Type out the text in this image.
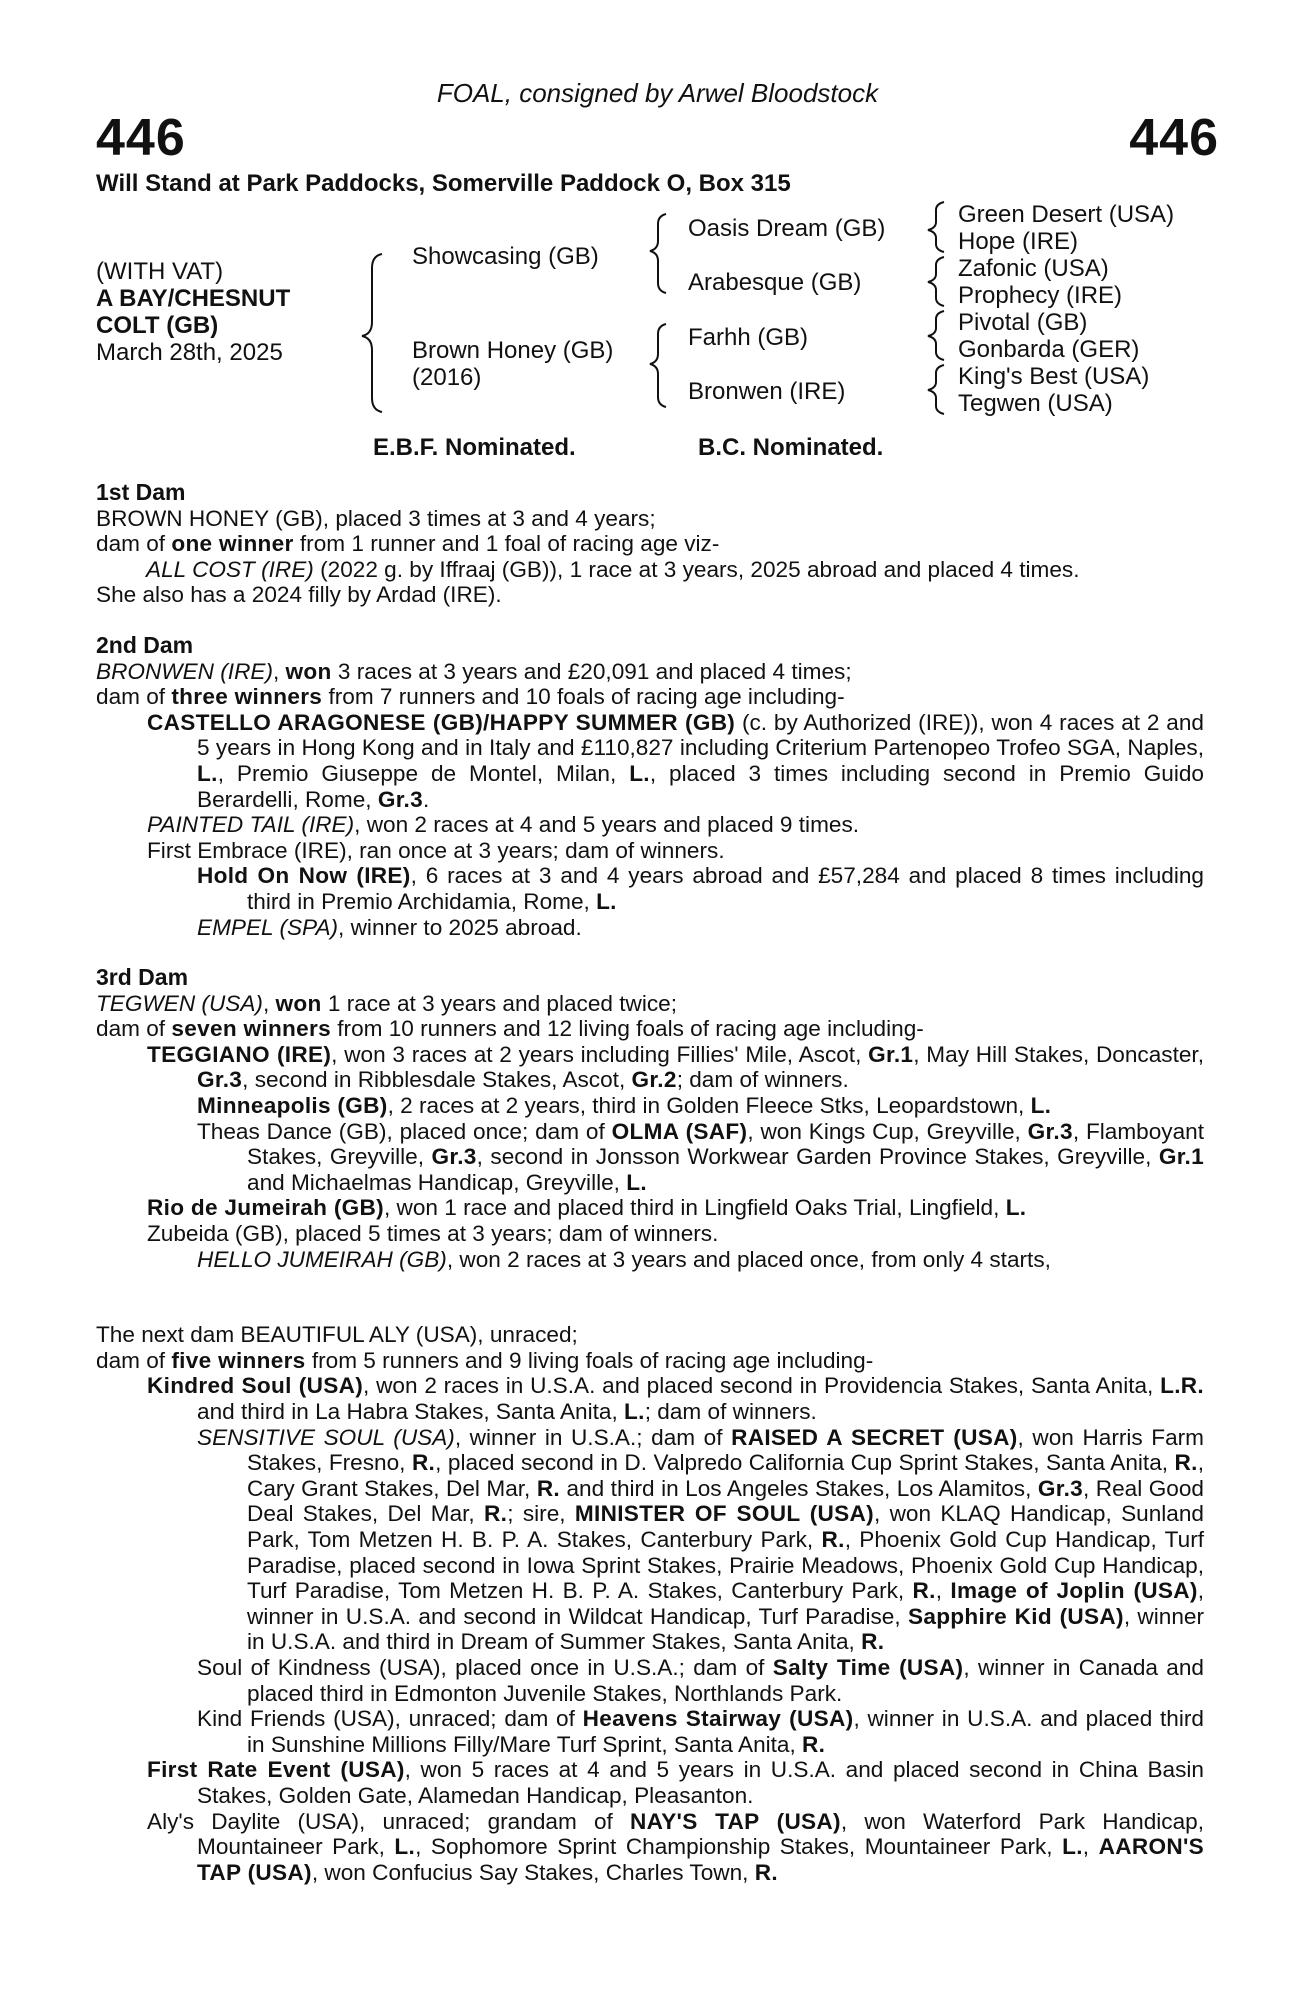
FOAL, consigned by Arwel Bloodstock
446	446
Will Stand at Park Paddocks, Somerville Paddock O, Box 315
(WITH VAT)
A BAY/CHESNUT
COLT (GB)
March 28th, 2025
Showcasing (GB)
Brown Honey (GB)
(2016)
Oasis Dream (GB)
Arabesque (GB)
Farhh (GB)
Bronwen (IRE)
Green Desert (USA)
Hope (IRE)
Zafonic (USA)
Prophecy (IRE)
Pivotal (GB)
Gonbarda (GER)
King's Best (USA)
Tegwen (USA)
E.B.F. Nominated.	B.C. Nominated.

1st Dam

BROWN HONEY (GB), placed 3 times at 3 and 4 years;

dam of one winner from 1 runner and 1 foal of racing age viz-

ALL COST (IRE) (2022 g. by Iffraaj (GB)), 1 race at 3 years, 2025 abroad and placed 4 times.

She also has a 2024 filly by Ardad (IRE).

2nd Dam

BRONWEN (IRE), won 3 races at 3 years and £20,091 and placed 4 times;

dam of three winners from 7 runners and 10 foals of racing age including-

CASTELLO ARAGONESE (GB)/HAPPY SUMMER (GB) (c. by Authorized (IRE)), won 4 races at 2 and 5 years in Hong Kong and in Italy and £110,827 including Criterium Partenopeo Trofeo SGA, Naples, L., Premio Giuseppe de Montel, Milan, L., placed 3 times including second in Premio Guido Berardelli, Rome, Gr.3.

PAINTED TAIL (IRE), won 2 races at 4 and 5 years and placed 9 times.

First Embrace (IRE), ran once at 3 years; dam of winners.

Hold On Now (IRE), 6 races at 3 and 4 years abroad and £57,284 and placed 8 times including third in Premio Archidamia, Rome, L.

EMPEL (SPA), winner to 2025 abroad.

3rd Dam

TEGWEN (USA), won 1 race at 3 years and placed twice;

dam of seven winners from 10 runners and 12 living foals of racing age including-

TEGGIANO (IRE), won 3 races at 2 years including Fillies' Mile, Ascot, Gr.1, May Hill Stakes, Doncaster, Gr.3, second in Ribblesdale Stakes, Ascot, Gr.2; dam of winners.

Minneapolis (GB), 2 races at 2 years, third in Golden Fleece Stks, Leopardstown, L.

Theas Dance (GB), placed once; dam of OLMA (SAF), won Kings Cup, Greyville, Gr.3, Flamboyant Stakes, Greyville, Gr.3, second in Jonsson Workwear Garden Province Stakes, Greyville, Gr.1 and Michaelmas Handicap, Greyville, L.

Rio de Jumeirah (GB), won 1 race and placed third in Lingfield Oaks Trial, Lingfield, L.

Zubeida (GB), placed 5 times at 3 years; dam of winners.

HELLO JUMEIRAH (GB), won 2 races at 3 years and placed once, from only 4 starts,

The next dam BEAUTIFUL ALY (USA), unraced;

dam of five winners from 5 runners and 9 living foals of racing age including-

Kindred Soul (USA), won 2 races in U.S.A. and placed second in Providencia Stakes, Santa Anita, L.R. and third in La Habra Stakes, Santa Anita, L.; dam of winners.

SENSITIVE SOUL (USA), winner in U.S.A.; dam of RAISED A SECRET (USA), won Harris Farm Stakes, Fresno, R., placed second in D. Valpredo California Cup Sprint Stakes, Santa Anita, R., Cary Grant Stakes, Del Mar, R. and third in Los Angeles Stakes, Los Alamitos, Gr.3, Real Good Deal Stakes, Del Mar, R.; sire, MINISTER OF SOUL (USA), won KLAQ Handicap, Sunland Park, Tom Metzen H. B. P. A. Stakes, Canterbury Park, R., Phoenix Gold Cup Handicap, Turf Paradise, placed second in Iowa Sprint Stakes, Prairie Meadows, Phoenix Gold Cup Handicap, Turf Paradise, Tom Metzen H. B. P. A. Stakes, Canterbury Park, R., Image of Joplin (USA), winner in U.S.A. and second in Wildcat Handicap, Turf Paradise, Sapphire Kid (USA), winner in U.S.A. and third in Dream of Summer Stakes, Santa Anita, R.

Soul of Kindness (USA), placed once in U.S.A.; dam of Salty Time (USA), winner in Canada and placed third in Edmonton Juvenile Stakes, Northlands Park.

Kind Friends (USA), unraced; dam of Heavens Stairway (USA), winner in U.S.A. and placed third in Sunshine Millions Filly/Mare Turf Sprint, Santa Anita, R.

First Rate Event (USA), won 5 races at 4 and 5 years in U.S.A. and placed second in China Basin Stakes, Golden Gate, Alamedan Handicap, Pleasanton.

Aly's Daylite (USA), unraced; grandam of NAY'S TAP (USA), won Waterford Park Handicap, Mountaineer Park, L., Sophomore Sprint Championship Stakes, Mountaineer Park, L., AARON'S TAP (USA), won Confucius Say Stakes, Charles Town, R.
